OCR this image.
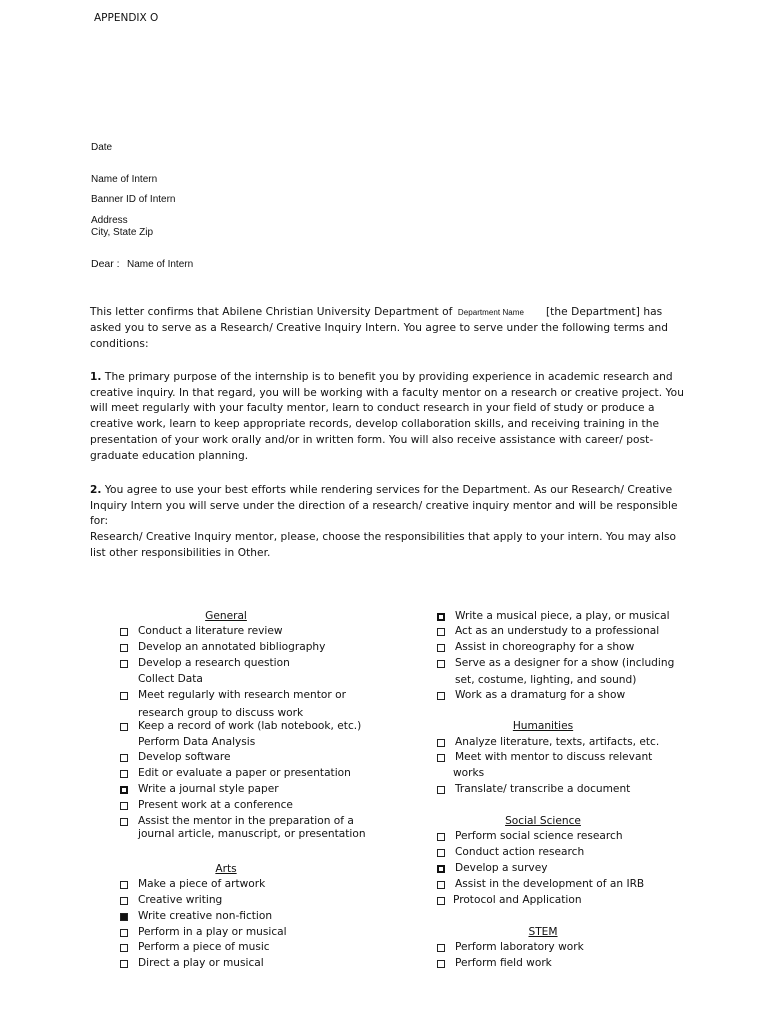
APPENDIX O
Date
Name of Intern
Banner ID of Intern
Address
City, State Zip
Dear : Name of Intern
This letter confirms that Abilene Christian University Department of Department Name [the Department] has
asked you to serve as a Research/ Creative Inquiry Intern. You agree to serve under the following terms and
conditions:
1. The primary purpose of the internship is to benefit you by providing experience in academic research and creative inquiry. In that regard, you will be working with a faculty mentor on a research or creative project. You will meet regularly with your faculty mentor, learn to conduct research in your field of study or produce a creative work, learn to keep appropriate records, develop collaboration skills, and receiving training in the presentation of your work orally and/or in written form. You will also receive assistance with career/ post-graduate education planning.
2. You agree to use your best efforts while rendering services for the Department. As our Research/ Creative Inquiry Intern you will serve under the direction of a research/ creative inquiry mentor and will be responsible for:
Research/ Creative Inquiry mentor, please, choose the responsibilities that apply to your intern. You may also list other responsibilities in Other.
General
Conduct a literature review
Develop an annotated bibliography
Develop a research question
Collect Data
Meet regularly with research mentor or
research group to discuss work
Keep a record of work (lab notebook, etc.)
Perform Data Analysis
Develop software
Edit or evaluate a paper or presentation
Write a journal style paper
Present work at a conference
Assist the mentor in the preparation of a
journal article, manuscript, or presentation
Arts
Make a piece of artwork
Creative writing
Write creative non-fiction
Perform in a play or musical
Perform a piece of music
Direct a play or musical
Write a musical piece, a play, or musical
Act as an understudy to a professional
Assist in choreography for a show
Serve as a designer for a show (including
set, costume, lighting, and sound)
Work as a dramaturg for a show
Humanities
Analyze literature, texts, artifacts, etc.
Meet with mentor to discuss relevant
works
Translate/ transcribe a document
Social Science
Perform social science research
Conduct action research
Develop a survey
Assist in the development of an IRB
Protocol and Application
STEM
Perform laboratory work
Perform field work
